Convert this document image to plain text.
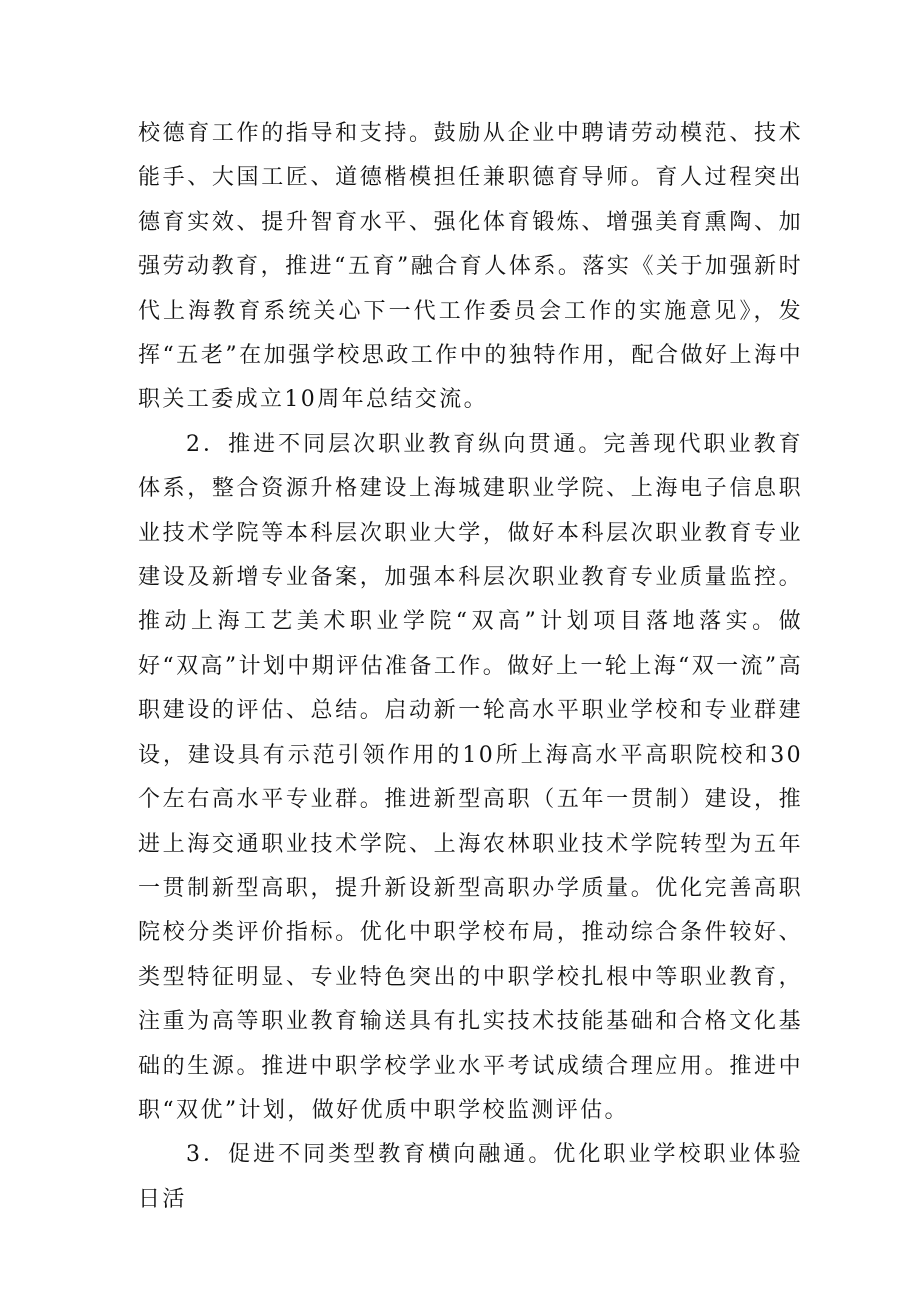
校德育工作的指导和支持。鼓励从企业中聘请劳动模范、技术能手、大国工匠、道德楷模担任兼职德育导师。育人过程突出德育实效、提升智育水平、强化体育锻炼、增强美育熏陶、加强劳动教育，推进“五育”融合育人体系。落实《关于加强新时代上海教育系统关心下一代工作委员会工作的实施意见》，发挥“五老”在加强学校思政工作中的独特作用，配合做好上海中职关工委成立10周年总结交流。

2．推进不同层次职业教育纵向贯通。完善现代职业教育体系，整合资源升格建设上海城建职业学院、上海电子信息职业技术学院等本科层次职业大学，做好本科层次职业教育专业建设及新增专业备案，加强本科层次职业教育专业质量监控。推动上海工艺美术职业学院“双高”计划项目落地落实。做好“双高”计划中期评估准备工作。做好上一轮上海“双一流”高职建设的评估、总结。启动新一轮高水平职业学校和专业群建设，建设具有示范引领作用的10所上海高水平高职院校和30个左右高水平专业群。推进新型高职（五年一贯制）建设，推进上海交通职业技术学院、上海农林职业技术学院转型为五年一贯制新型高职，提升新设新型高职办学质量。优化完善高职院校分类评价指标。优化中职学校布局，推动综合条件较好、类型特征明显、专业特色突出的中职学校扎根中等职业教育，注重为高等职业教育输送具有扎实技术技能基础和合格文化基础的生源。推进中职学校学业水平考试成绩合理应用。推进中职“双优”计划，做好优质中职学校监测评估。

3．促进不同类型教育横向融通。优化职业学校职业体验日活
